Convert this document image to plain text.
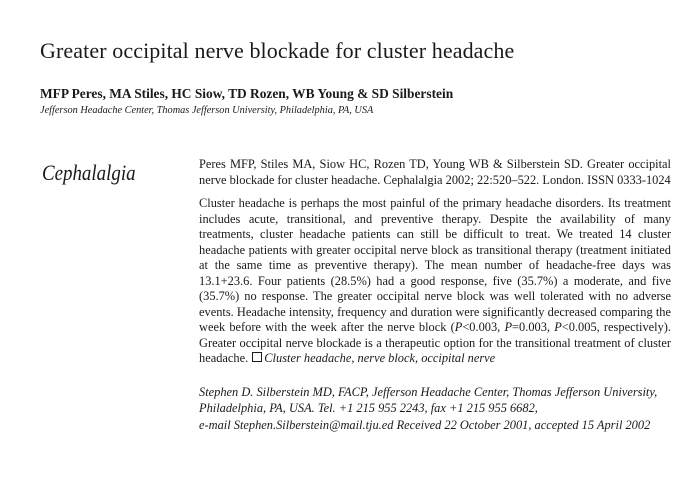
Greater occipital nerve blockade for cluster headache
MFP Peres, MA Stiles, HC Siow, TD Rozen, WB Young & SD Silberstein
Jefferson Headache Center, Thomas Jefferson University, Philadelphia, PA, USA
Cephalalgia	Peres MFP, Stiles MA, Siow HC, Rozen TD, Young WB & Silberstein SD. Greater occipital nerve blockade for cluster headache. Cephalalgia 2002; 22:520–522. London. ISSN 0333-1024

Cluster headache is perhaps the most painful of the primary headache disorders. Its treatment includes acute, transitional, and preventive therapy. Despite the availability of many treatments, cluster headache patients can still be difficult to treat. We treated 14 cluster headache patients with greater occipital nerve block as transitional therapy (treatment initiated at the same time as preventive therapy). The mean number of headache-free days was 13.1+23.6. Four patients (28.5%) had a good response, five (35.7%) a moderate, and five (35.7%) no response. The greater occipital nerve block was well tolerated with no adverse events. Headache intensity, frequency and duration were significantly decreased comparing the week before with the week after the nerve block (P<0.003, P=0.003, P<0.005, respectively). Greater occipital nerve blockade is a therapeutic option for the transitional treatment of cluster headache. Cluster headache, nerve block, occipital nerve

Stephen D. Silberstein MD, FACP, Jefferson Headache Center, Thomas Jefferson University,
Philadelphia, PA, USA. Tel. +1 215 955 2243, fax +1 215 955 6682,
e-mail Stephen.Silberstein@mail.tju.ed Received 22 October 2001, accepted 15 April 2002
